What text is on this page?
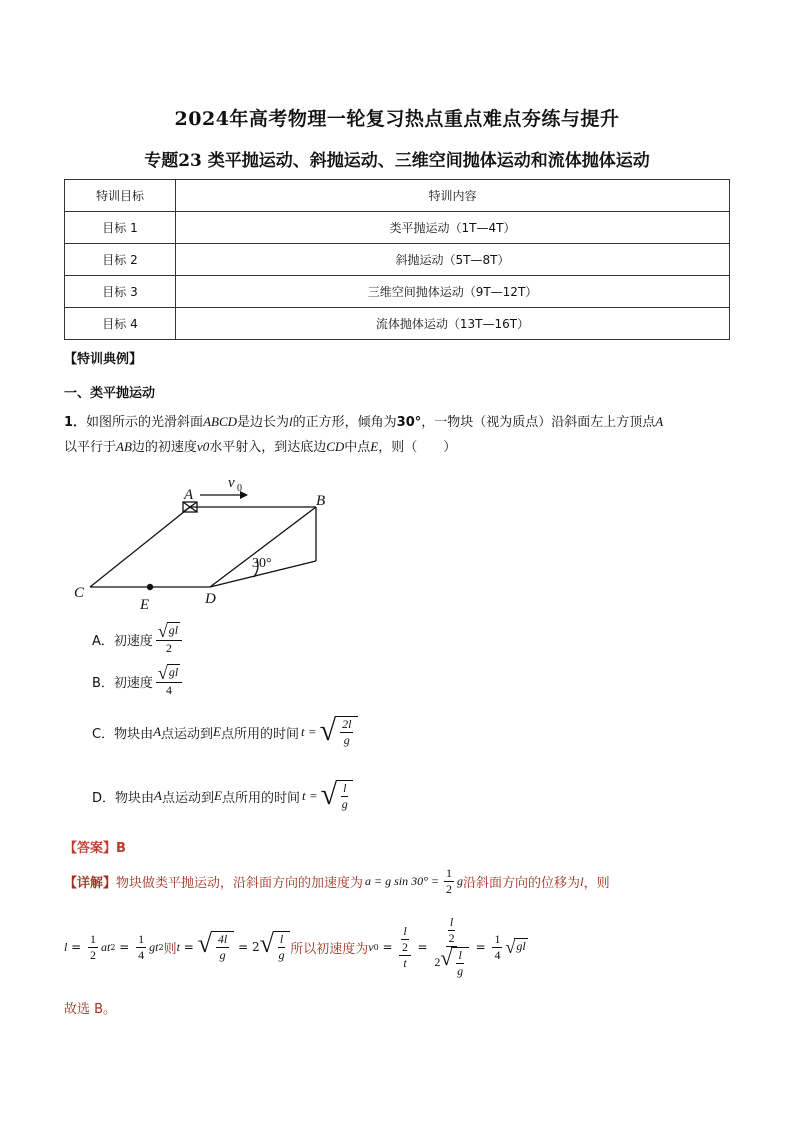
2024年高考物理一轮复习热点重点难点夯练与提升
专题23 类平抛运动、斜抛运动、三维空间抛体运动和流体抛体运动
特训目标	特训内容
目标 1	类平抛运动（1T—4T）
目标 2	斜抛运动（5T—8T）
目标 3	三维空间抛体运动（9T—12T）
目标 4	流体抛体运动（13T—16T）
【特训典例】
一、类平抛运动
1．如图所示的光滑斜面ABCD是边长为l的正方形，倾角为30°，一物块（视为质点）沿斜面左上方顶点A
以平行于AB边的初速度v0水平射入，到达底边CD中点E，则（　　）
A	B
C	D
E
v 0
30°
A．初速度 $\frac{√ gl}{2}$
B．初速度 $\frac{√ gl}{4}$
C．物块由 A 点运动到 E 点所用的时间 t = √ $\frac{2l}{g}$
D．物块由 A 点运动到 E 点所用的时间 t = √ $\frac{l}{g}$
【答案】B
【详解】 物块做类平抛运动，沿斜面方向的加速度为 a = g $\sin 30^\circ = \frac{1}{2}$ g 沿斜面方向的位移为 l ，则
$l = \frac{1}{2}$ at $2 = \frac{1}{4}$ gt 2 则 t = √ $\frac{4l}{g} = 2$ √ $\frac{l}{g}$ 所以初速度为 v $0 = \frac{\frac{l}{2}}{t} = \frac{\frac{l}{2}}{2 √ \frac{l}{g}} = \frac{1}{4}$ √ gl
故选 B。
